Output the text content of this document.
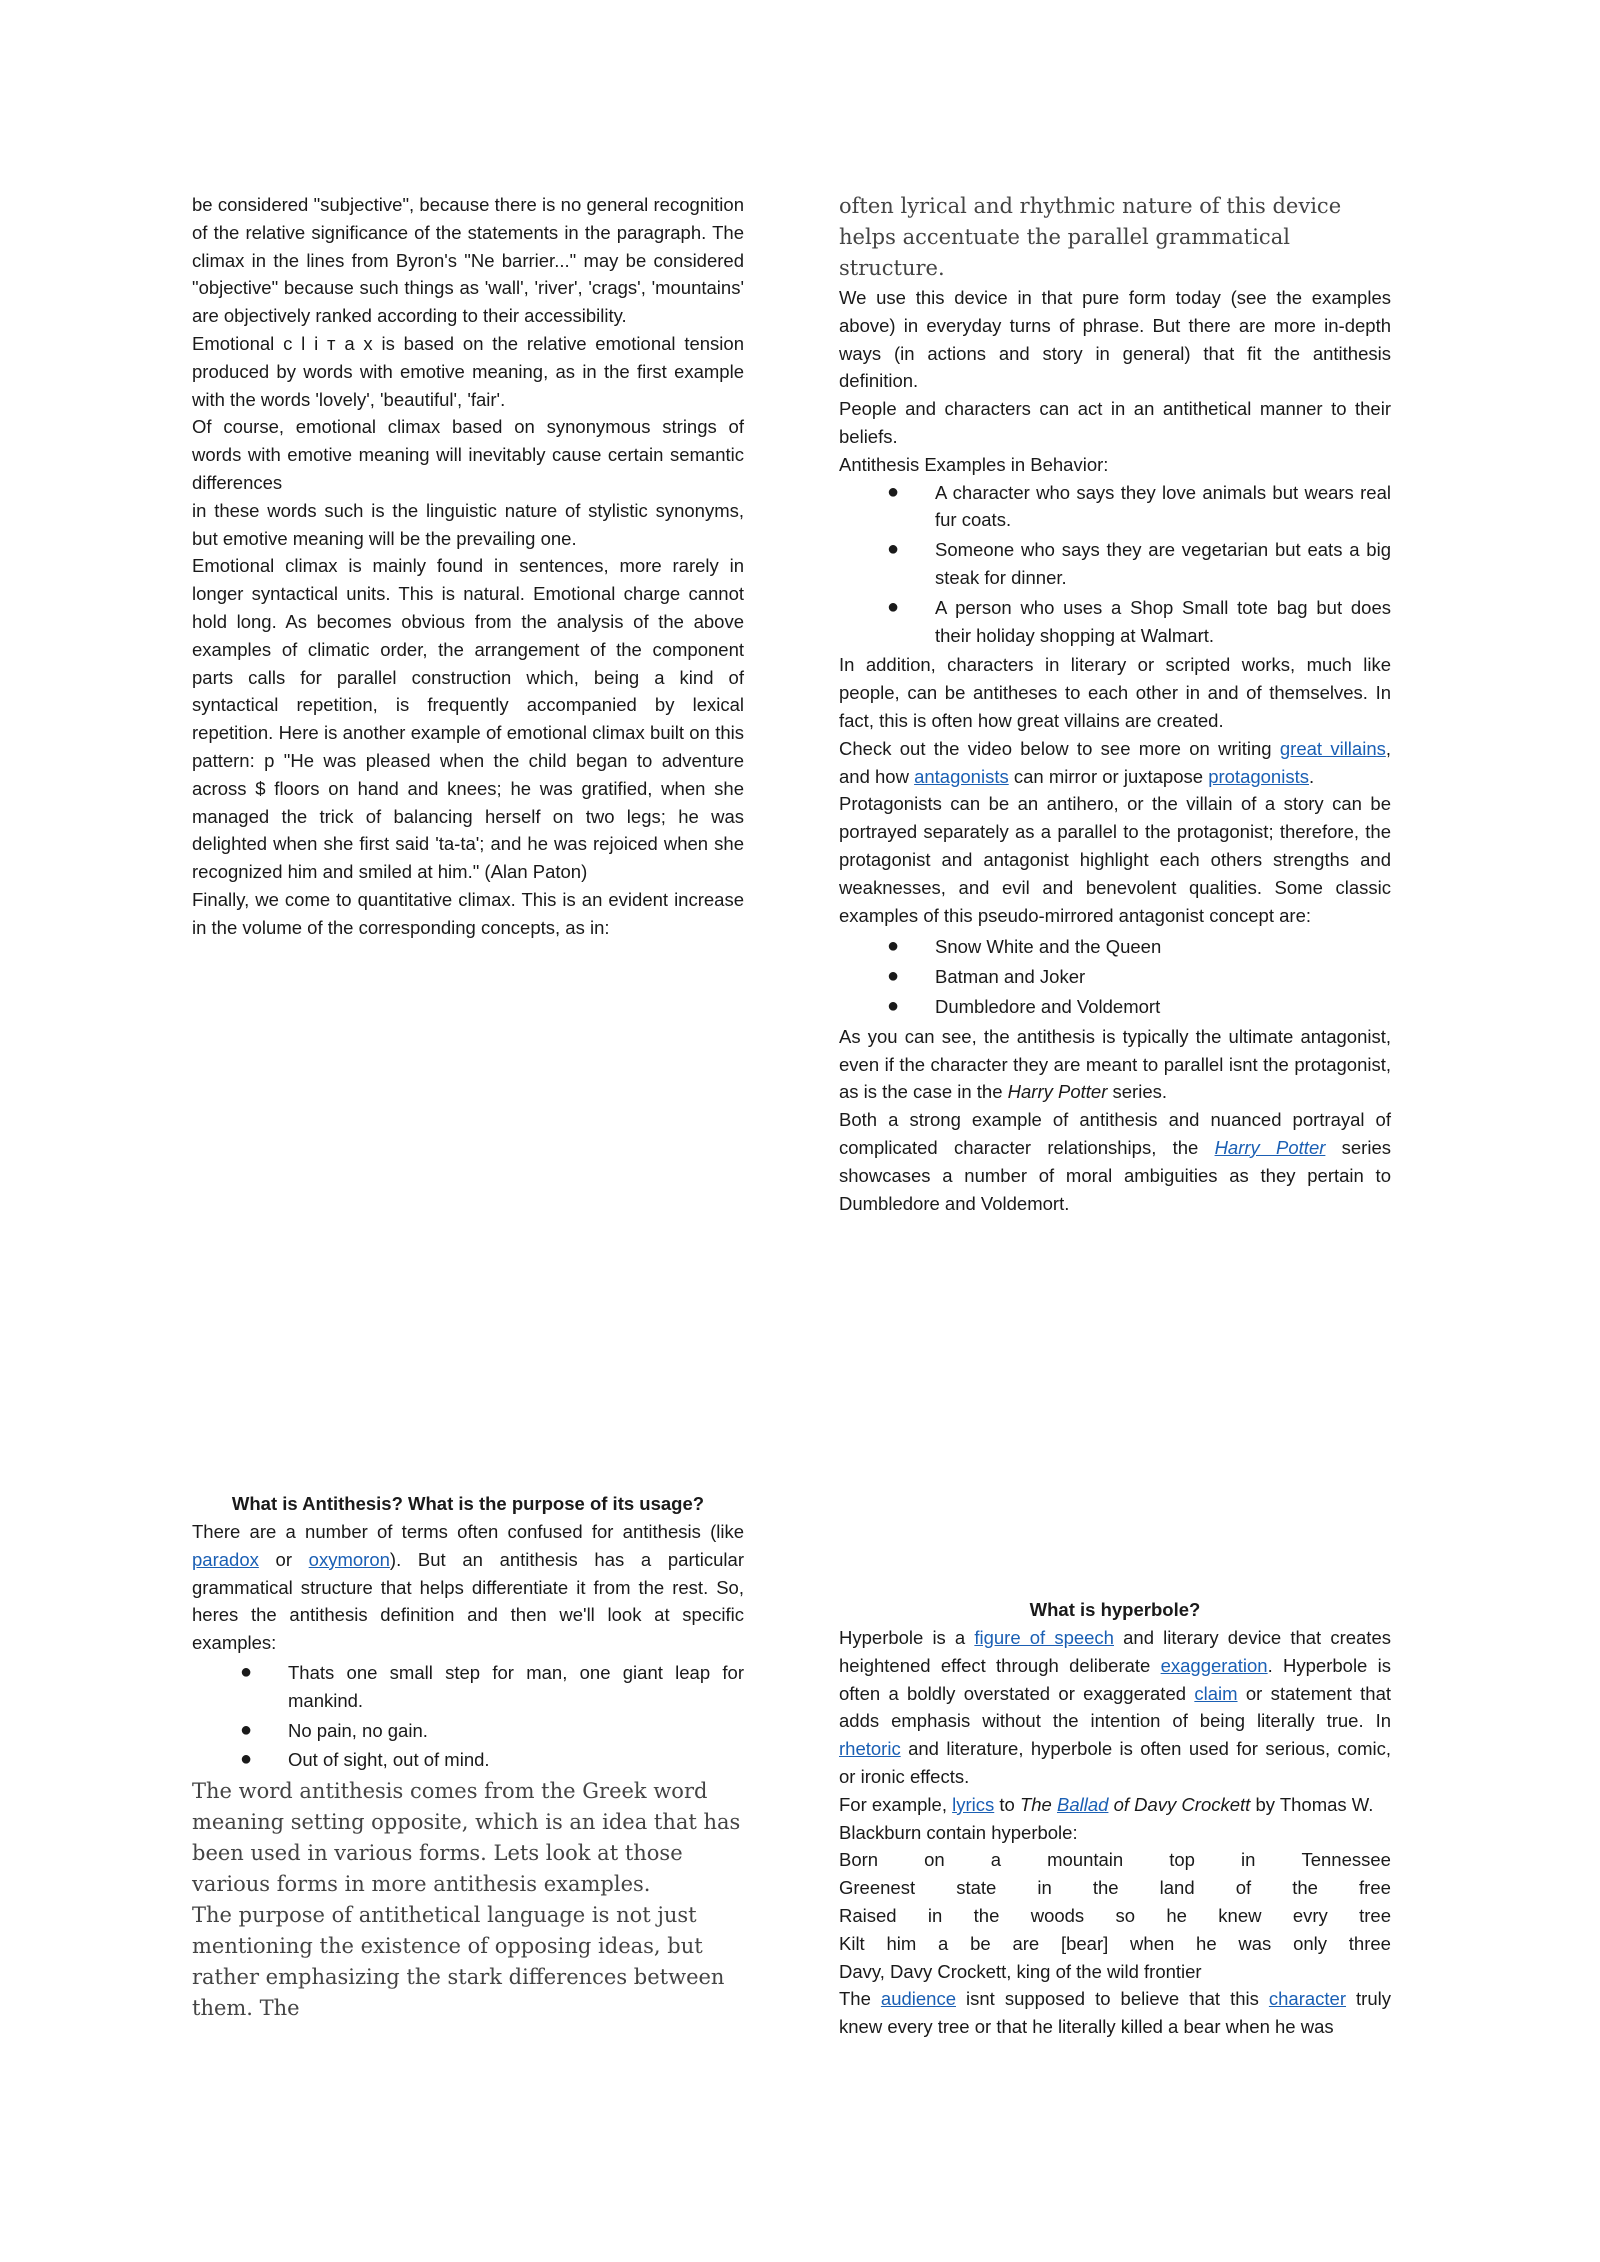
be considered "subjective", because there is no general recognition of the relative significance of the statements in the paragraph. The climax in the lines from Byron's "Ne barrier..." may be considered "objective" because such things as 'wall', 'river', 'crags', 'mountains' are objectively ranked according to their accessibility.

Emotional с l і т а х is based on the relative emotional tension produced by words with emotive meaning, as in the first example with the words 'lovely', 'beautiful', 'fair'.

Of course, emotional climax based on synonymous strings of words with emotive meaning will inevitably cause certain semantic differences

in these words such is the linguistic nature of stylistic synonyms, but emotive meaning will be the prevailing one.

Emotional climax is mainly found in sentences, more rarely in longer syntactical units. This is natural. Emotional charge cannot hold long. As becomes obvious from the analysis of the above examples of climatic order, the arrangement of the component parts calls for parallel construction which, being a kind of syntactical repetition, is frequently accompanied by lexical repetition. Here is another example of emotional climax built on this pattern: p "He was pleased when the child began to adventure across $ floors on hand and knees; he was gratified, when she managed the trick of balancing herself on two legs; he was delighted when she first said 'ta-ta'; and he was rejoiced when she recognized him and smiled at him." (Alan Paton)

Finally, we come to quantitative climax. This is an evident increase in the volume of the corresponding concepts, as in:

often lyrical and rhythmic nature of this device helps accentuate the parallel grammatical structure.

We use this device in that pure form today (see the examples above) in everyday turns of phrase. But there are more in-depth ways (in actions and story in general) that fit the antithesis definition.

People and characters can act in an antithetical manner to their beliefs.

Antithesis Examples in Behavior:

● A character who says they love animals but wears real fur coats.
● Someone who says they are vegetarian but eats a big steak for dinner.
● A person who uses a Shop Small tote bag but does their holiday shopping at Walmart.

In addition, characters in literary or scripted works, much like people, can be antitheses to each other in and of themselves. In fact, this is often how great villains are created.

Check out the video below to see more on writing great villains, and how antagonists can mirror or juxtapose protagonists.

Protagonists can be an antihero, or the villain of a story can be portrayed separately as a parallel to the protagonist; therefore, the protagonist and antagonist highlight each others strengths and weaknesses, and evil and benevolent qualities. Some classic examples of this pseudo-mirrored antagonist concept are:

● Snow White and the Queen
● Batman and Joker
● Dumbledore and Voldemort

As you can see, the antithesis is typically the ultimate antagonist, even if the character they are meant to parallel isnt the protagonist, as is the case in the Harry Potter series.

Both a strong example of antithesis and nuanced portrayal of complicated character relationships, the Harry Potter series showcases a number of moral ambiguities as they pertain to Dumbledore and Voldemort.

What is Antithesis? What is the purpose of its usage?

There are a number of terms often confused for antithesis (like paradox or oxymoron). But an antithesis has a particular grammatical structure that helps differentiate it from the rest. So, heres the antithesis definition and then we'll look at specific examples:

● Thats one small step for man, one giant leap for mankind.
● No pain, no gain.
● Out of sight, out of mind.

The word antithesis comes from the Greek word meaning setting opposite, which is an idea that has been used in various forms. Lets look at those various forms in more antithesis examples.

The purpose of antithetical language is not just mentioning the existence of opposing ideas, but rather emphasizing the stark differences between them. The

What is hyperbole?

Hyperbole is a figure of speech and literary device that creates heightened effect through deliberate exaggeration. Hyperbole is often a boldly overstated or exaggerated claim or statement that adds emphasis without the intention of being literally true. In rhetoric and literature, hyperbole is often used for serious, comic, or ironic effects.

For example, lyrics to The Ballad of Davy Crockett by Thomas W. Blackburn contain hyperbole:

Born on a mountain top in Tennessee
Greenest state in the land of the free
Raised in the woods so he knew evry tree
Kilt him a be are [bear] when he was only three

Davy, Davy Crockett, king of the wild frontier

The audience isnt supposed to believe that this character truly knew every tree or that he literally killed a bear when he was
